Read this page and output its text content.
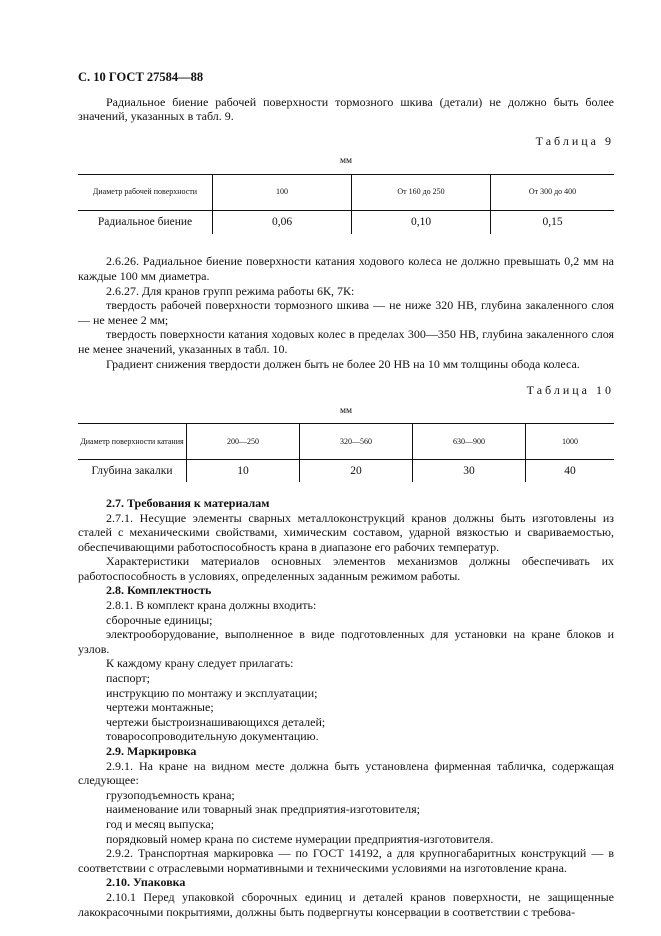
С. 10 ГОСТ 27584—88

Радиальное биение рабочей поверхности тормозного шкива (детали) не должно быть более значений, указанных в табл. 9.

Таблица 9
мм
Диаметр рабочей поверхности	100	От 160 до 250	От 300 до 400
Радиальное биение	0,06	0,10	0,15

2.6.26. Радиальное биение поверхности катания ходового колеса не должно превышать 0,2 мм на каждые 100 мм диаметра.

2.6.27. Для кранов групп режима работы 6К, 7К:

твердость рабочей поверхности тормозного шкива — не ниже 320 НВ, глубина закаленного слоя — не менее 2 мм;

твердость поверхности катания ходовых колес в пределах 300—350 НВ, глубина закаленного слоя не менее значений, указанных в табл. 10.

Градиент снижения твердости должен быть не более 20 НВ на 10 мм толщины обода колеса.

Таблица 10
мм
Диаметр поверхности катания	200—250	320—560	630—900	1000
Глубина закалки	10	20	30	40

2.7. Требования к материалам

2.7.1. Несущие элементы сварных металлоконструкций кранов должны быть изготовлены из сталей с механическими свойствами, химическим составом, ударной вязкостью и свариваемостью, обеспечивающими работоспособность крана в диапазоне его рабочих температур.

Характеристики материалов основных элементов механизмов должны обеспечивать их работоспособность в условиях, определенных заданным режимом работы.

2.8. Комплектность

2.8.1. В комплект крана должны входить:

сборочные единицы;

электрооборудование, выполненное в виде подготовленных для установки на кране блоков и узлов.

К каждому крану следует прилагать:

паспорт;

инструкцию по монтажу и эксплуатации;

чертежи монтажные;

чертежи быстроизнашивающихся деталей;

товаросопроводительную документацию.

2.9. Маркировка

2.9.1. На кране на видном месте должна быть установлена фирменная табличка, содержащая следующее:

грузоподъемность крана;

наименование или товарный знак предприятия-изготовителя;

год и месяц выпуска;

порядковый номер крана по системе нумерации предприятия-изготовителя.

2.9.2. Транспортная маркировка — по ГОСТ 14192, а для крупногабаритных конструкций — в соответствии с отраслевыми нормативными и техническими условиями на изготовление крана.

2.10. Упаковка

2.10.1 Перед упаковкой сборочных единиц и деталей кранов поверхности, не защищенные лакокрасочными покрытиями, должны быть подвергнуты консервации в соответствии с требова-
